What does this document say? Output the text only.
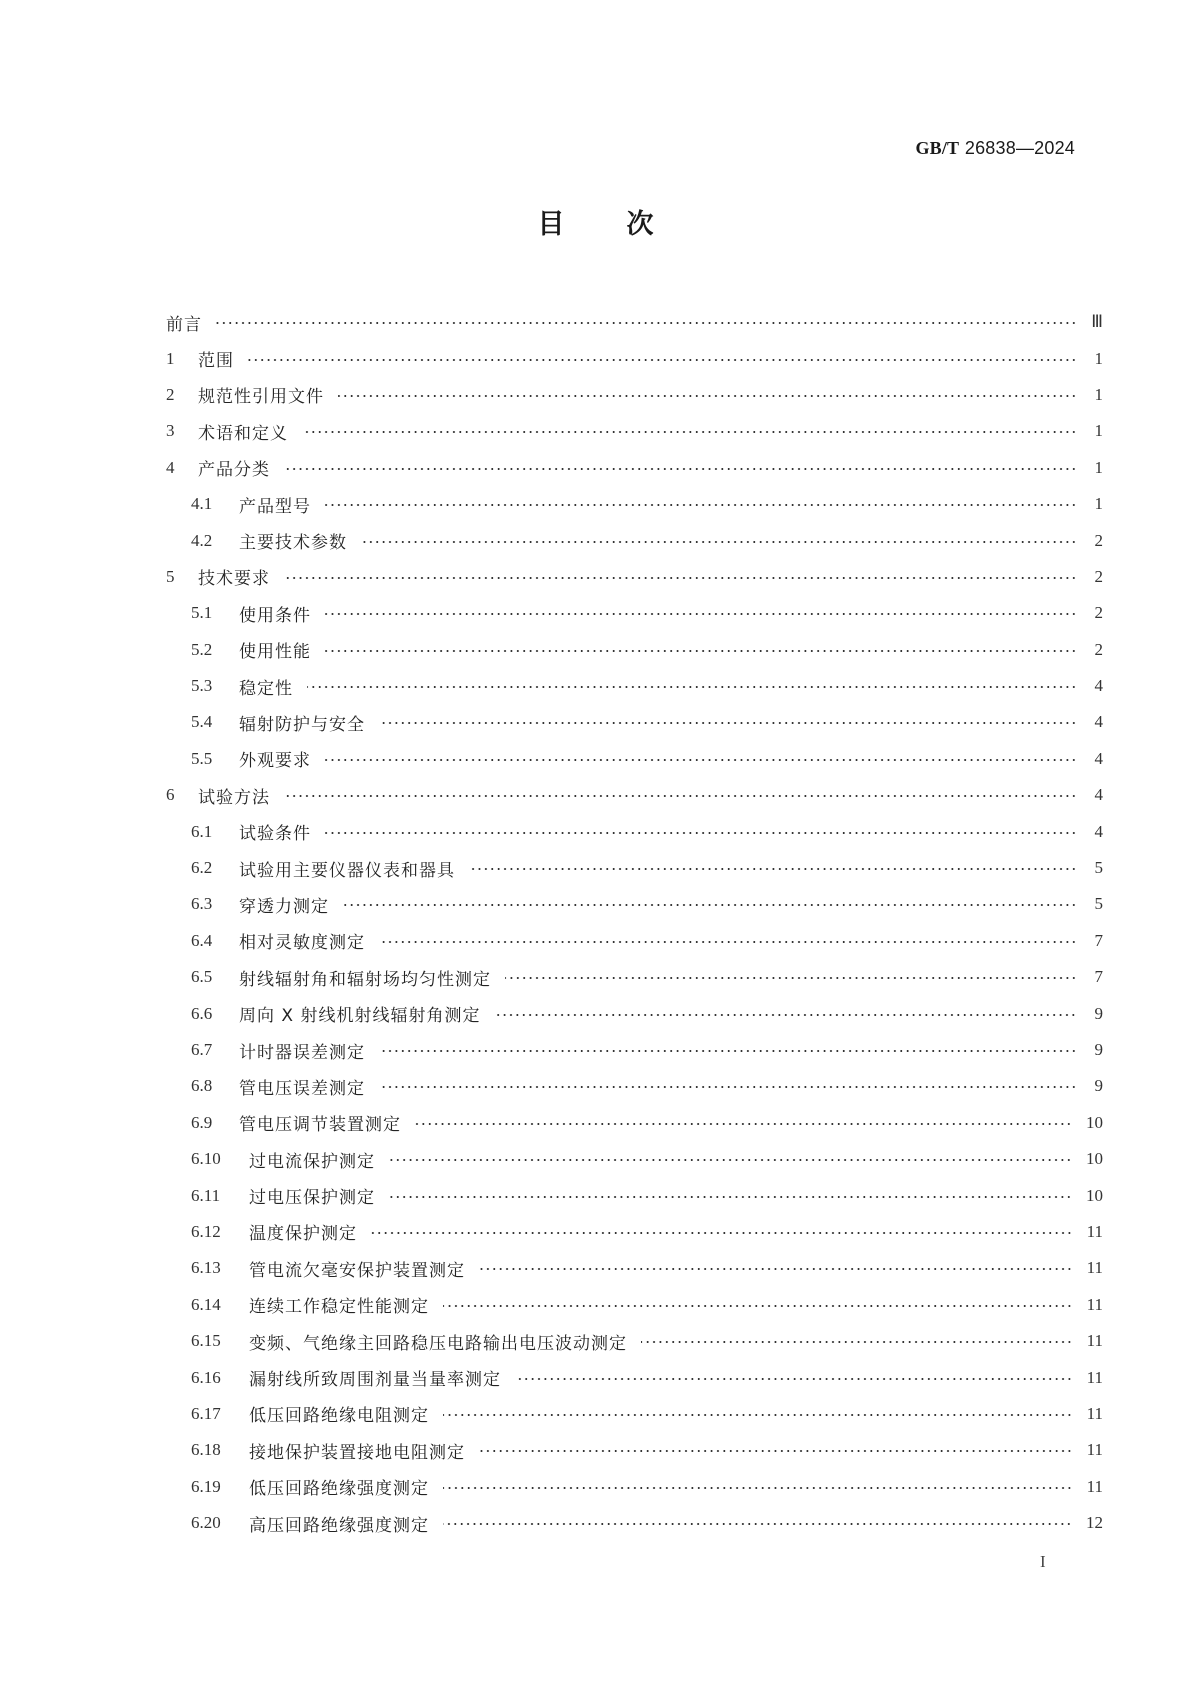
GB/T 26838—2024
目次
前言	Ⅲ
1	范围	1
2	规范性引用文件	1
3	术语和定义	1
4	产品分类	1
4.1	产品型号	1
4.2	主要技术参数	2
5	技术要求	2
5.1	使用条件	2
5.2	使用性能	2
5.3	稳定性	4
5.4	辐射防护与安全	4
5.5	外观要求	4
6	试验方法	4
6.1	试验条件	4
6.2	试验用主要仪器仪表和器具	5
6.3	穿透力测定	5
6.4	相对灵敏度测定	7
6.5	射线辐射角和辐射场均匀性测定	7
6.6	周向 X 射线机射线辐射角测定	9
6.7	计时器误差测定	9
6.8	管电压误差测定	9
6.9	管电压调节装置测定	10
6.10	过电流保护测定	10
6.11	过电压保护测定	10
6.12	温度保护测定	11
6.13	管电流欠毫安保护装置测定	11
6.14	连续工作稳定性能测定	11
6.15	变频、气绝缘主回路稳压电路输出电压波动测定	11
6.16	漏射线所致周围剂量当量率测定	11
6.17	低压回路绝缘电阻测定	11
6.18	接地保护装置接地电阻测定	11
6.19	低压回路绝缘强度测定	11
6.20	高压回路绝缘强度测定	12
I
